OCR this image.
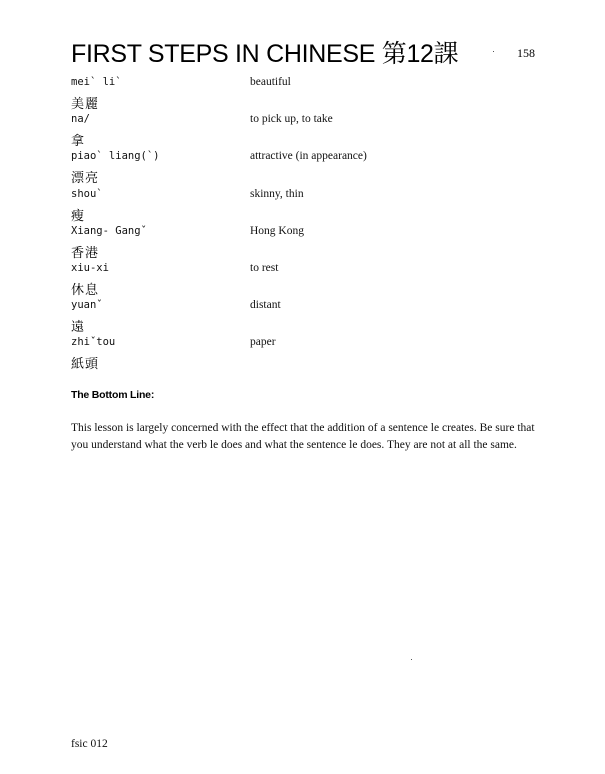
FIRST STEPS IN CHINESE 第12課	158
mei` li`
美麗
beautiful
na/
拿
to pick up, to take
piao` liang(`)
漂亮
attractive (in appearance)
shou`
瘦
skinny, thin
Xiang- Gangˇ
香港
Hong Kong
xiu-xi
休息
to rest
yuanˇ
遠
distant
zhiˇtou
紙頭
paper
The Bottom Line:
This lesson is largely concerned with the effect that the addition of a sentence le creates. Be sure that you understand what the verb le does and what the sentence le does. They are not at all the same.
fsic 012
